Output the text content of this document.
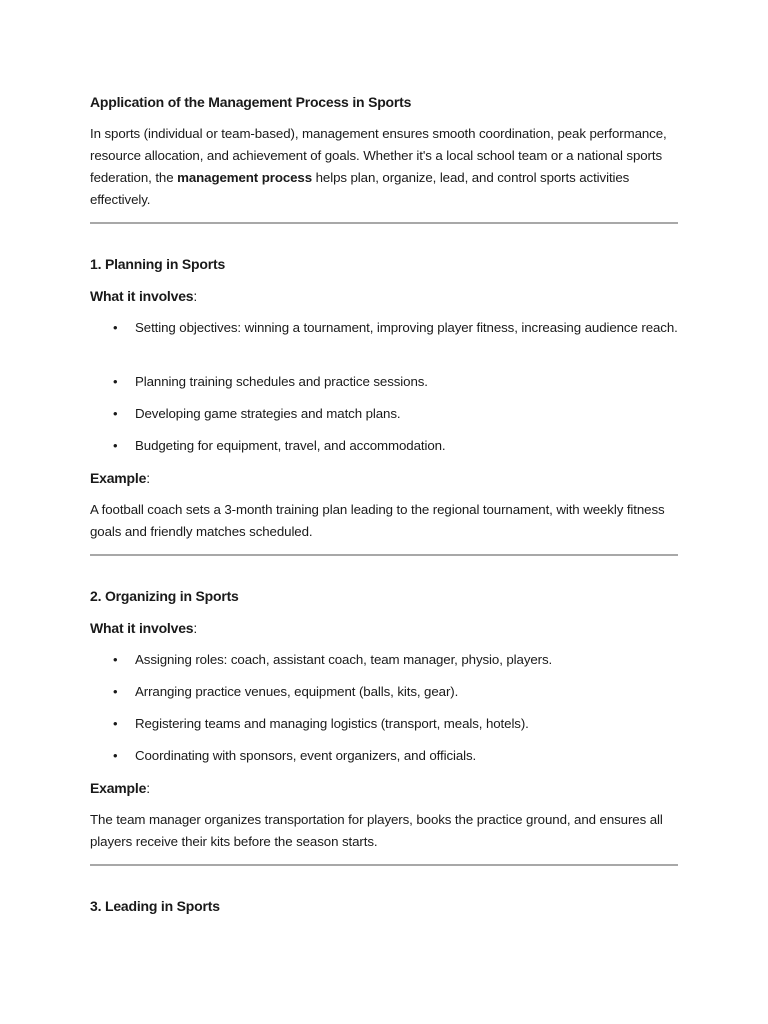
Application of the Management Process in Sports
In sports (individual or team-based), management ensures smooth coordination, peak performance, resource allocation, and achievement of goals. Whether it's a local school team or a national sports federation, the management process helps plan, organize, lead, and control sports activities effectively.
1. Planning in Sports
What it involves:
• Setting objectives: winning a tournament, improving player fitness, increasing audience reach.
• Planning training schedules and practice sessions.
• Developing game strategies and match plans.
• Budgeting for equipment, travel, and accommodation.
Example:
A football coach sets a 3-month training plan leading to the regional tournament, with weekly fitness goals and friendly matches scheduled.
2. Organizing in Sports
What it involves:
• Assigning roles: coach, assistant coach, team manager, physio, players.
• Arranging practice venues, equipment (balls, kits, gear).
• Registering teams and managing logistics (transport, meals, hotels).
• Coordinating with sponsors, event organizers, and officials.
Example:
The team manager organizes transportation for players, books the practice ground, and ensures all players receive their kits before the season starts.
3. Leading in Sports
